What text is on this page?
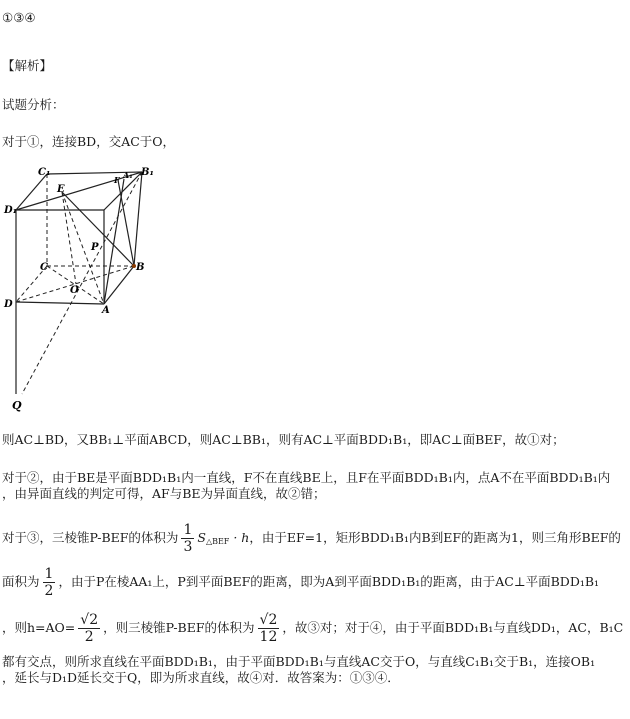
①③④
【解析】
试题分析：
对于①，连接BD，交AC于O，
C₁	B₁
A₁
F
E
D₁
P
C	B
O
D
A
Q
则AC⊥BD，又BB₁⊥平面ABCD，则AC⊥BB₁，则有AC⊥平面BDD₁B₁，即AC⊥面BEF，故①对；
对于②，由于BE是平面BDD₁B₁内一直线，F不在直线BE上，且F在平面BDD₁B₁内，点A不在平面BDD₁B₁内
，由异面直线的判定可得，AF与BE为异面直线，故②错；
对于③，三棱锥P-BEF的体积为 $\frac{1}{3} S_{\triangle BEF} \cdot h$，由于EF=1，矩形BDD₁B₁内B到EF的距离为1，则三角形BEF的
面积为 $\frac{1}{2}$ ，由于P在棱AA₁上，P到平面BEF的距离，即为A到平面BDD₁B₁的距离，由于AC⊥平面BDD₁B₁
，则$h=AO= \frac{√2}{2}$ ，则三棱锥P-BEF的体积为 $\frac{√2}{12}$ ，故③对；对于④，由于平面BDD₁B₁与直线DD₁，AC，B₁C
都有交点，则所求直线在平面BDD₁B₁，由于平面BDD₁B₁与直线AC交于O，与直线C₁B₁交于B₁，连接OB₁
，延长与D₁D延长交于Q，即为所求直线，故④对．故答案为：①③④．
